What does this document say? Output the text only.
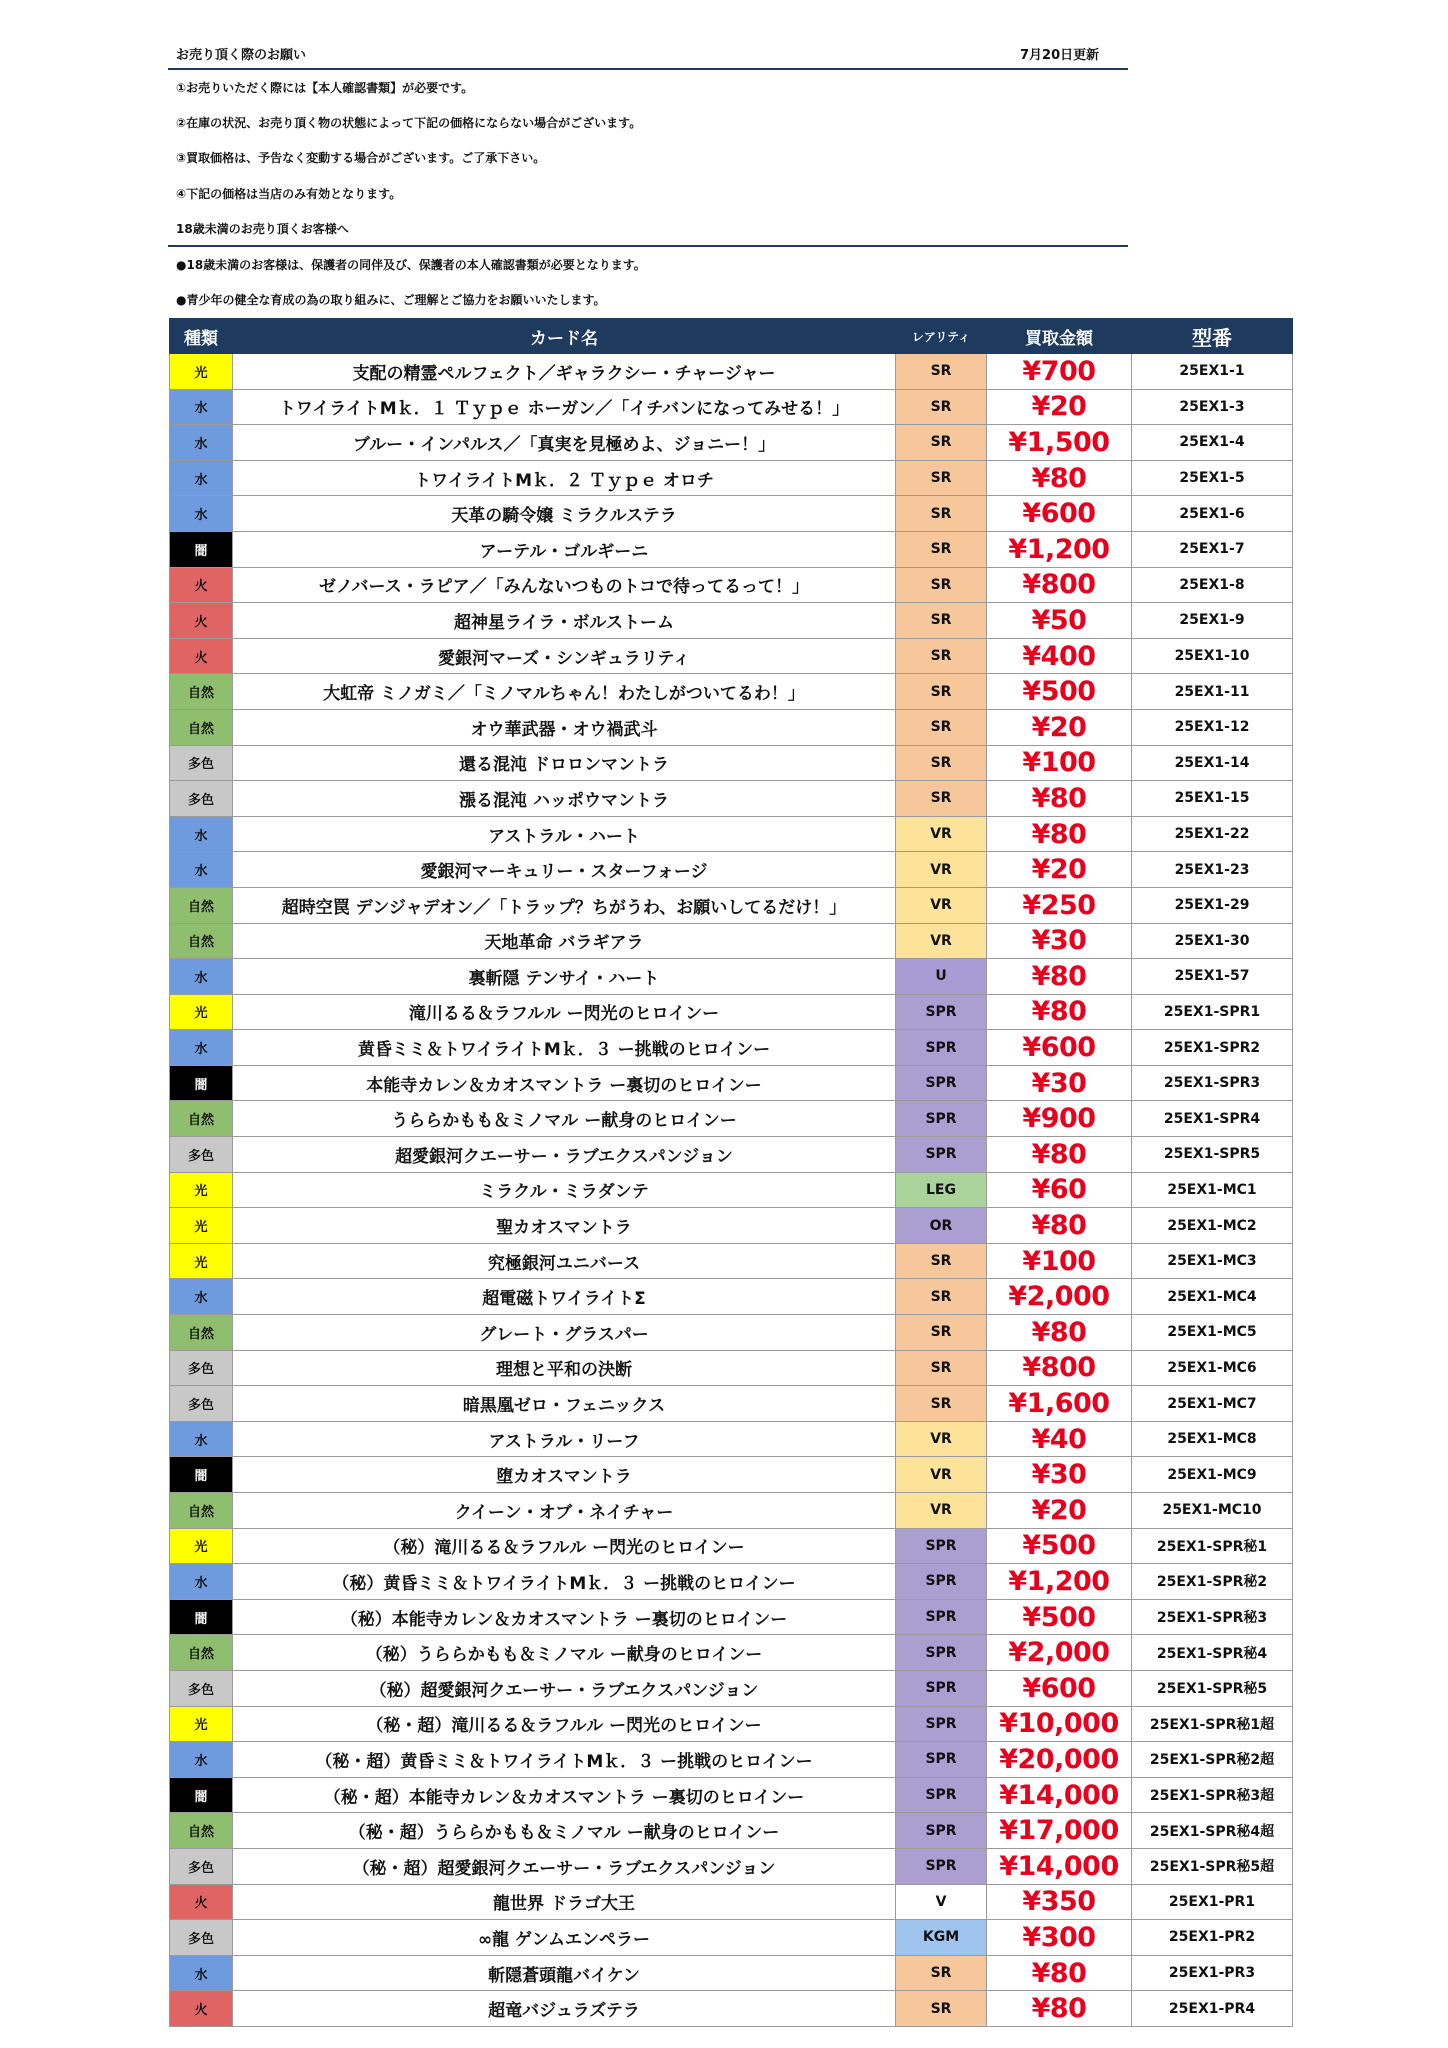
お売り頂く際のお願い	7月20日更新
①お売りいただく際には【本人確認書類】が必要です。
②在庫の状況、お売り頂く物の状態によって下記の価格にならない場合がございます。
③買取価格は、予告なく変動する場合がございます。ご了承下さい。
④下記の価格は当店のみ有効となります。
18歳未満のお売り頂くお客様へ
●18歳未満のお客様は、保護者の同伴及び、保護者の本人確認書類が必要となります。
●青少年の健全な育成の為の取り組みに、ご理解とご協力をお願いいたします。
種類	カード名	レアリティ	買取金額	型番
光	支配の精霊ペルフェクト／ギャラクシー・チャージャー	SR	¥700	25EX1-1
水	トワイライトMｋ．１ Ｔｙｐｅ ホーガン／「イチバンになってみせる！」	SR	¥20	25EX1-3
水	ブルー・インパルス／「真実を見極めよ、ジョニー！」	SR	¥1,500	25EX1-4
水	トワイライトMｋ．２ Ｔｙｐｅ オロチ	SR	¥80	25EX1-5
水	天革の騎令嬢 ミラクルステラ	SR	¥600	25EX1-6
闇	アーテル・ゴルギーニ	SR	¥1,200	25EX1-7
火	ゼノバース・ラピア／「みんないつものトコで待ってるって！」	SR	¥800	25EX1-8
火	超神星ライラ・ボルストーム	SR	¥50	25EX1-9
火	愛銀河マーズ・シンギュラリティ	SR	¥400	25EX1-10
自然	大虹帝 ミノガミ／「ミノマルちゃん！わたしがついてるわ！」	SR	¥500	25EX1-11
自然	オウ華武器・オウ禍武斗	SR	¥20	25EX1-12
多色	還る混沌 ドロロンマントラ	SR	¥100	25EX1-14
多色	漲る混沌 ハッポウマントラ	SR	¥80	25EX1-15
水	アストラル・ハート	VR	¥80	25EX1-22
水	愛銀河マーキュリー・スターフォージ	VR	¥20	25EX1-23
自然	超時空罠 デンジャデオン／「トラップ？ちがうわ、お願いしてるだけ！」	VR	¥250	25EX1-29
自然	天地革命 バラギアラ	VR	¥30	25EX1-30
水	裏斬隠 テンサイ・ハート	U	¥80	25EX1-57
光	滝川るる＆ラフルル ー閃光のヒロインー	SPR	¥80	25EX1-SPR1
水	黄昏ミミ＆トワイライトMｋ．３ ー挑戦のヒロインー	SPR	¥600	25EX1-SPR2
闇	本能寺カレン＆カオスマントラ ー裏切のヒロインー	SPR	¥30	25EX1-SPR3
自然	うららかもも＆ミノマル ー献身のヒロインー	SPR	¥900	25EX1-SPR4
多色	超愛銀河クエーサー・ラブエクスパンジョン	SPR	¥80	25EX1-SPR5
光	ミラクル・ミラダンテ	LEG	¥60	25EX1-MC1
光	聖カオスマントラ	OR	¥80	25EX1-MC2
光	究極銀河ユニバース	SR	¥100	25EX1-MC3
水	超電磁トワイライトΣ	SR	¥2,000	25EX1-MC4
自然	グレート・グラスパー	SR	¥80	25EX1-MC5
多色	理想と平和の決断	SR	¥800	25EX1-MC6
多色	暗黒凰ゼロ・フェニックス	SR	¥1,600	25EX1-MC7
水	アストラル・リーフ	VR	¥40	25EX1-MC8
闇	堕カオスマントラ	VR	¥30	25EX1-MC9
自然	クイーン・オブ・ネイチャー	VR	¥20	25EX1-MC10
光	（秘）滝川るる＆ラフルル ー閃光のヒロインー	SPR	¥500	25EX1-SPR秘1
水	（秘）黄昏ミミ＆トワイライトMｋ．３ ー挑戦のヒロインー	SPR	¥1,200	25EX1-SPR秘2
闇	（秘）本能寺カレン＆カオスマントラ ー裏切のヒロインー	SPR	¥500	25EX1-SPR秘3
自然	（秘）うららかもも＆ミノマル ー献身のヒロインー	SPR	¥2,000	25EX1-SPR秘4
多色	（秘）超愛銀河クエーサー・ラブエクスパンジョン	SPR	¥600	25EX1-SPR秘5
光	（秘・超）滝川るる＆ラフルル ー閃光のヒロインー	SPR	¥10,000	25EX1-SPR秘1超
水	（秘・超）黄昏ミミ＆トワイライトMｋ．３ ー挑戦のヒロインー	SPR	¥20,000	25EX1-SPR秘2超
闇	（秘・超）本能寺カレン＆カオスマントラ ー裏切のヒロインー	SPR	¥14,000	25EX1-SPR秘3超
自然	（秘・超）うららかもも＆ミノマル ー献身のヒロインー	SPR	¥17,000	25EX1-SPR秘4超
多色	（秘・超）超愛銀河クエーサー・ラブエクスパンジョン	SPR	¥14,000	25EX1-SPR秘5超
火	龍世界 ドラゴ大王	V	¥350	25EX1-PR1
多色	∞龍 ゲンムエンペラー	KGM	¥300	25EX1-PR2
水	斬隠蒼頭龍バイケン	SR	¥80	25EX1-PR3
火	超竜バジュラズテラ	SR	¥80	25EX1-PR4
